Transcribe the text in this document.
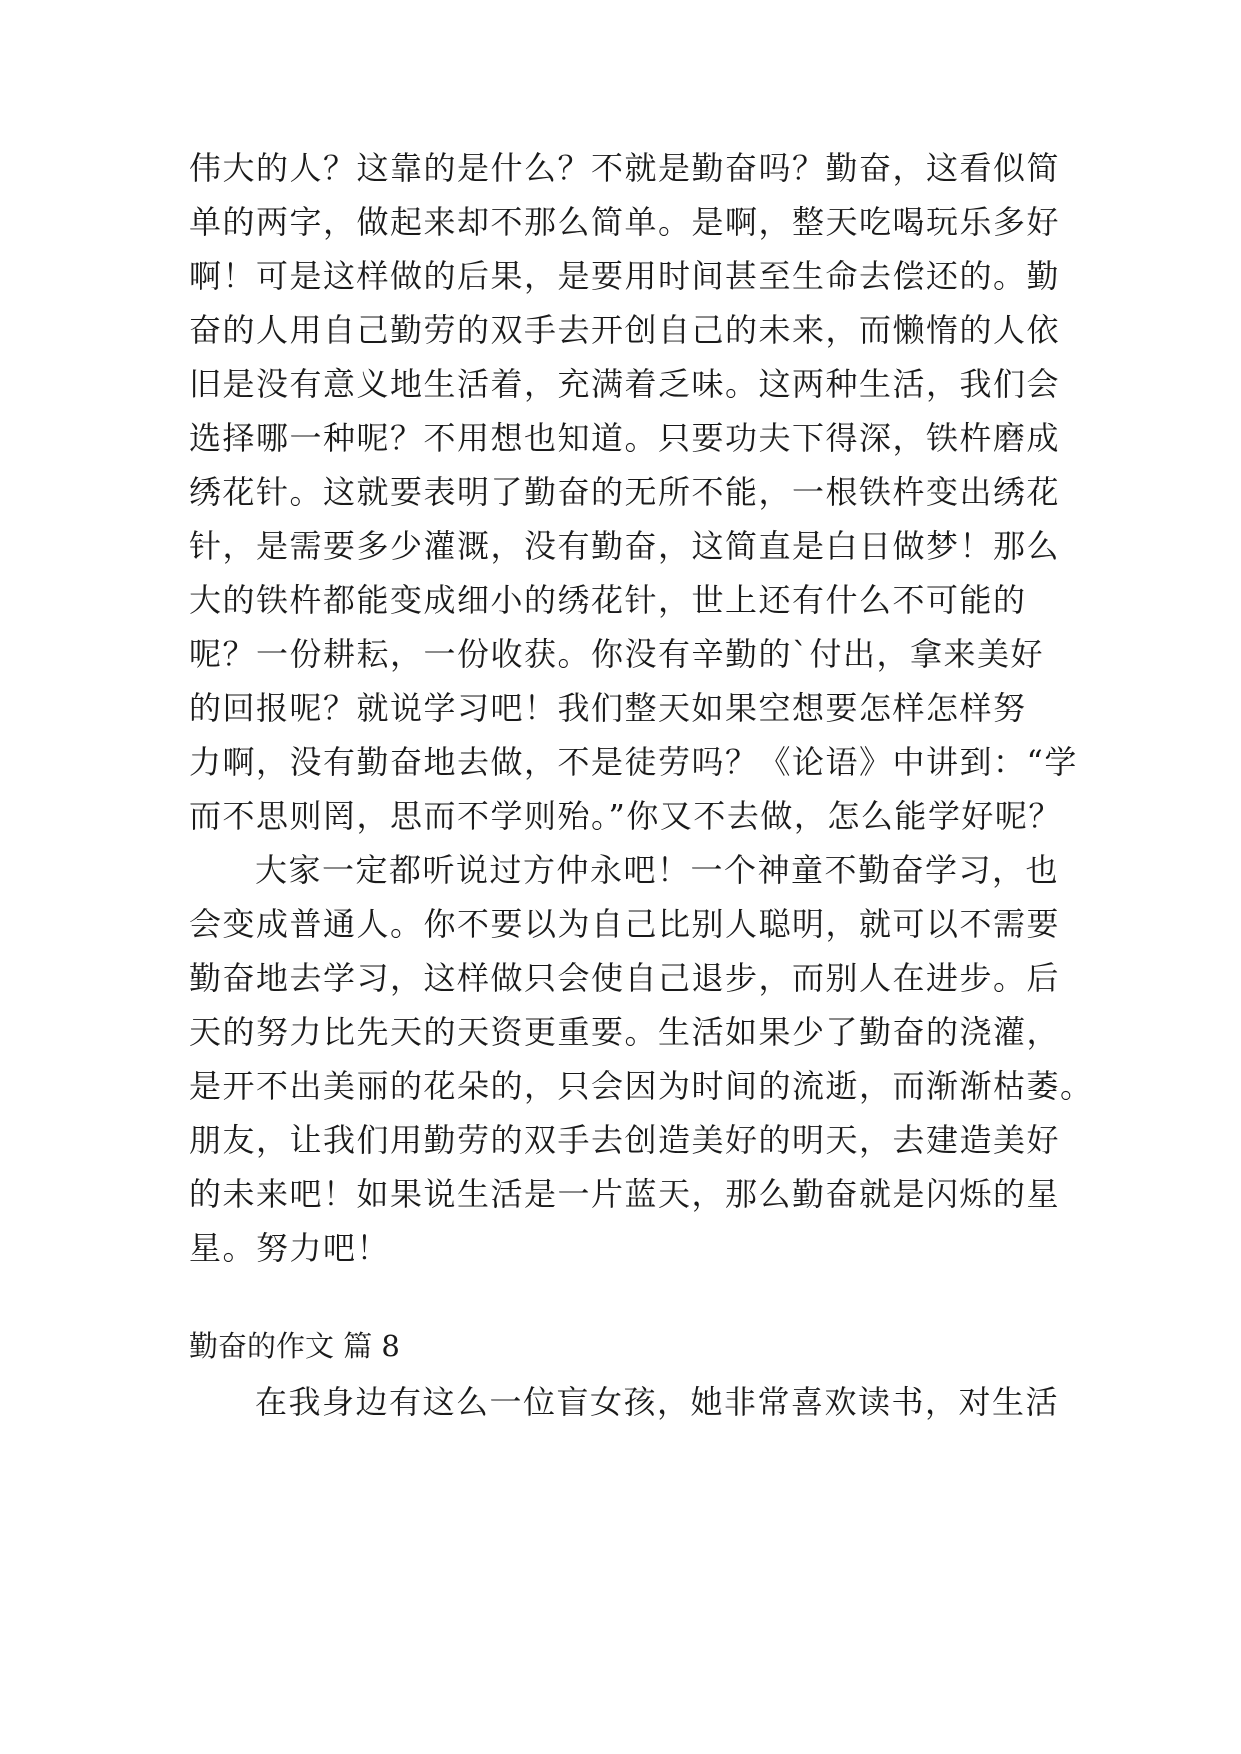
伟大的人？这靠的是什么？不就是勤奋吗？勤奋，这看似简
单的两字，做起来却不那么简单。是啊，整天吃喝玩乐多好
啊！可是这样做的后果，是要用时间甚至生命去偿还的。勤
奋的人用自己勤劳的双手去开创自己的未来，而懒惰的人依
旧是没有意义地生活着，充满着乏味。这两种生活，我们会
选择哪一种呢？不用想也知道。只要功夫下得深，铁杵磨成
绣花针。这就要表明了勤奋的无所不能，一根铁杵变出绣花
针，是需要多少灌溉，没有勤奋，这简直是白日做梦！那么
大的铁杵都能变成细小的绣花针，世上还有什么不可能的
呢？一份耕耘，一份收获。你没有辛勤的`付出，拿来美好
的回报呢？就说学习吧！我们整天如果空想要怎样怎样努
力啊，没有勤奋地去做，不是徒劳吗？《论语》中讲到：“学
而不思则罔，思而不学则殆。”你又不去做，怎么能学好呢？
大家一定都听说过方仲永吧！一个神童不勤奋学习，也
会变成普通人。你不要以为自己比别人聪明，就可以不需要
勤奋地去学习，这样做只会使自己退步，而别人在进步。后
天的努力比先天的天资更重要。生活如果少了勤奋的浇灌，
是开不出美丽的花朵的，只会因为时间的流逝，而渐渐枯萎。
朋友，让我们用勤劳的双手去创造美好的明天，去建造美好
的未来吧！如果说生活是一片蓝天，那么勤奋就是闪烁的星
星。努力吧！
勤奋的作文 篇 8
在我身边有这么一位盲女孩，她非常喜欢读书，对生活
